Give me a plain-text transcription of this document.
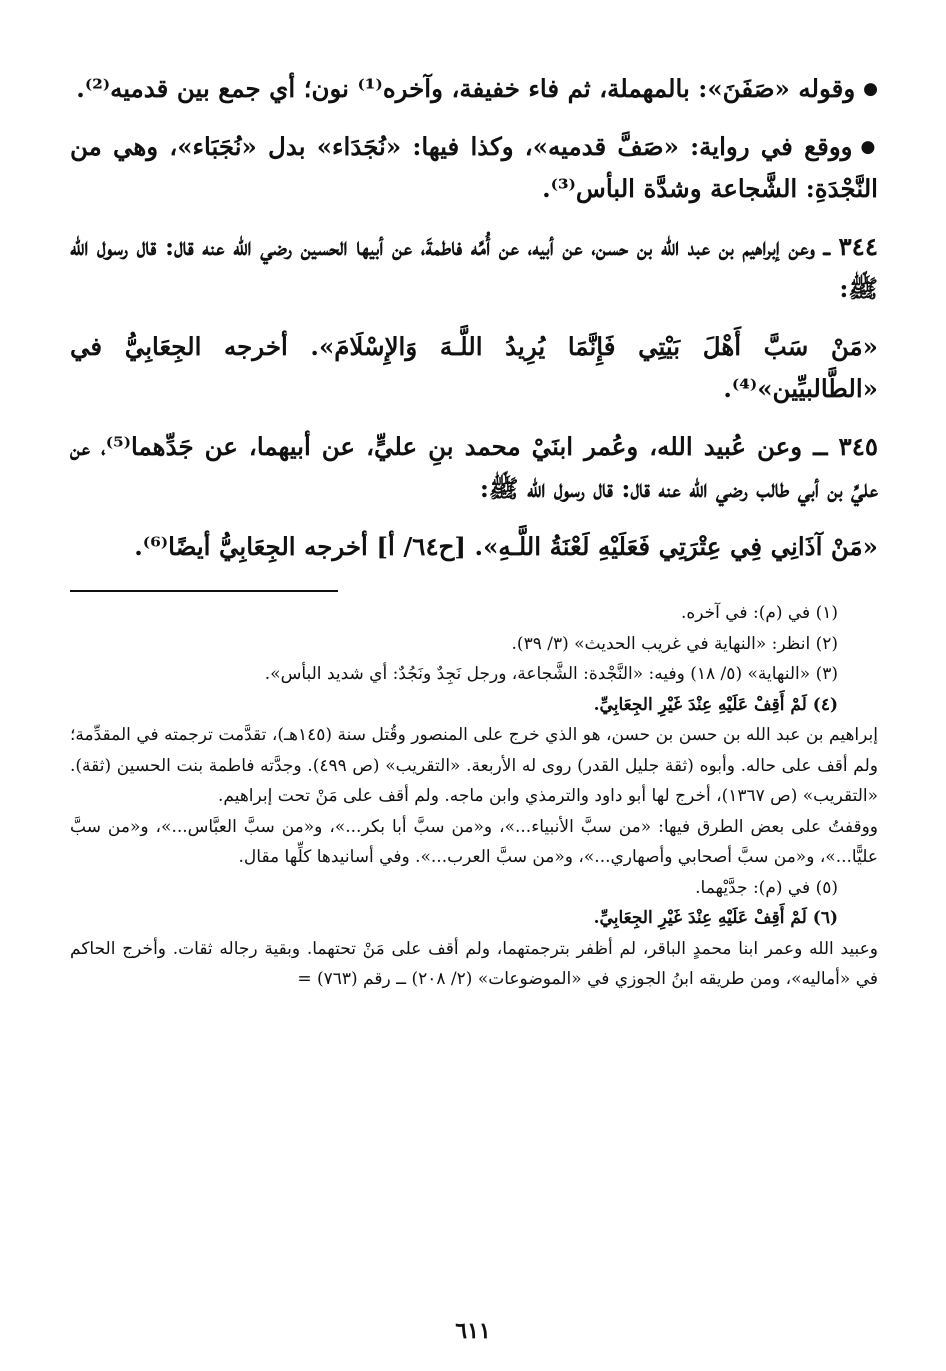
● وقوله «صَفَنَ»: بالمهملة، ثم فاء خفيفة، وآخره⁽¹⁾ نون؛ أي جمع بين قدميه⁽²⁾.

● ووقع في رواية: «صَفَّ قدميه»، وكذا فيها: «نُجَدَاء» بدل «نُجَبَاء»، وهي من النَّجْدَةِ: الشَّجاعة وشدَّة البأس⁽³⁾.

٣٤٤ ــ وعن إبراهيم بن عبد الله بن حسن، عن أبيه، عن أُمِّه فاطمةَ، عن أبيها الحسين رضي الله عنه قال: قال رسول الله ﷺ:

«مَنْ سَبَّ أَهْلَ بَيْتِي فَإِنَّمَا يُرِيدُ اللَّـهَ وَالإِسْلَامَ». أخرجه الجِعَابِيُّ في «الطَّالبيِّين»⁽⁴⁾.

٣٤٥ ــ وعن عُبيد الله، وعُمر ابنَيْ محمد بنِ عليٍّ، عن أبيهما، عن جَدِّهما⁽⁵⁾، عن عليِّ بن أبي طالب رضي الله عنه قال: قال رسول الله ﷺ:

«مَنْ آذَانِي فِي عِتْرَتِي فَعَلَيْهِ لَعْنَةُ اللَّـهِ». [ح٦٤/ أ] أخرجه الجِعَابِيُّ أيضًا⁽⁶⁾.

(١) في (م): في آخره.

(٢) انظر: «النهاية في غريب الحديث» (٣/ ٣٩).

(٣) «النهاية» (٥/ ١٨) وفيه: «النَّجْدة: الشَّجاعة، ورجل نَجِدٌ ونَجُدٌ: أي شديد البأس».

(٤) لَمْ أَقِفْ عَلَيْهِ عِنْدَ غَيْرِ الجِعَابِيِّ.

إبراهيم بن عبد الله بن حسن بن حسن، هو الذي خرج على المنصور وقُتل سنة (١٤٥هـ)، تقدَّمت ترجمته في المقدِّمة؛ ولم أقف على حاله. وأبوه (ثقة جليل القدر) روى له الأربعة. «التقريب» (ص ٤٩٩). وجدَّته فاطمة بنت الحسين (ثقة). «التقريب» (ص ١٣٦٧)، أخرج لها أبو داود والترمذي وابن ماجه. ولم أقف على مَنْ تحت إبراهيم.

ووقفتُ على بعض الطرق فيها: «من سبَّ الأنبياء...»، و«من سبَّ أبا بكر...»، و«من سبَّ العبَّاس...»، و«من سبَّ عليًّا...»، و«من سبَّ أصحابي وأصهاري...»، و«من سبَّ العرب...». وفي أسانيدها كلِّها مقال.

(٥) في (م): جدَّيْهما.

(٦) لَمْ أَقِفْ عَلَيْهِ عِنْدَ غَيْرِ الجِعَابِيِّ.

وعبيد الله وعمر ابنا محمدٍ الباقر، لم أظفر بترجمتهما، ولم أقف على مَنْ تحتهما. وبقية رجاله ثقات. وأخرج الحاكم في «أماليه»، ومن طريقه ابنُ الجوزي في «الموضوعات» (٢/ ٢٠٨) ــ رقم (٧٦٣) =

٦١١
